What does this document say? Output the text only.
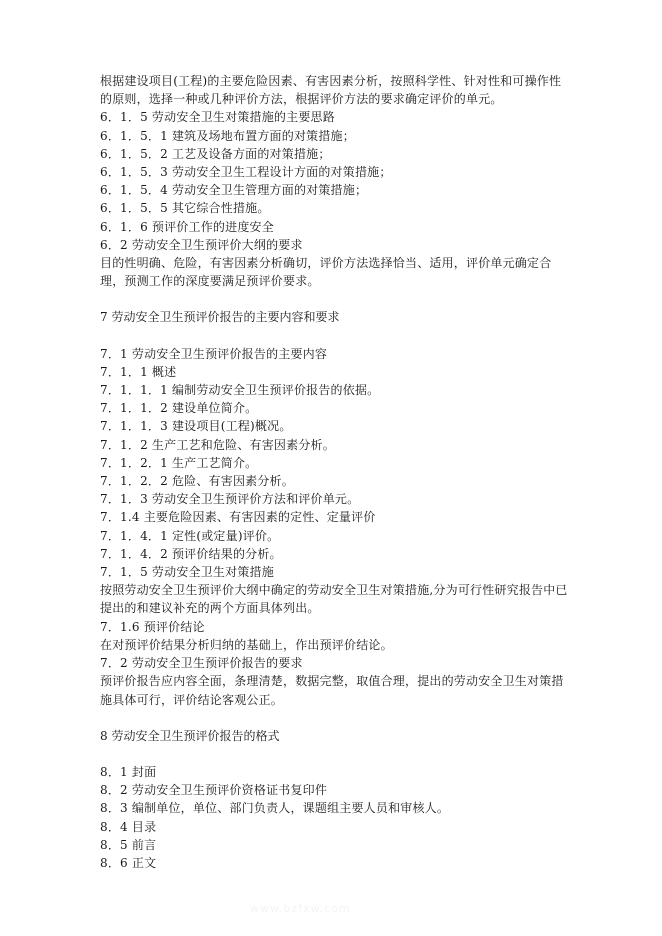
根据建设项目(工程)的主要危险因素、有害因素分析，按照科学性、针对性和可操作性的原则，选择一种或几种评价方法，根据评价方法的要求确定评价的单元。
6．1．5 劳动安全卫生对策措施的主要思路
6．1．5．1 建筑及场地布置方面的对策措施；
6．1．5．2 工艺及设备方面的对策措施；
6．1．5．3 劳动安全卫生工程设计方面的对策措施；
6．1．5．4 劳动安全卫生管理方面的对策措施；
6．1．5．5 其它综合性措施。
6．1．6 预评价工作的进度安全
6．2 劳动安全卫生预评价大纲的要求
目的性明确、危险，有害因素分析确切，评价方法选择恰当、适用，评价单元确定合理，预测工作的深度要满足预评价要求。
7 劳动安全卫生预评价报告的主要内容和要求
7．1 劳动安全卫生预评价报告的主要内容
7．1．1 概述
7．1．1．1 编制劳动安全卫生预评价报告的依据。
7．1．1．2 建设单位简介。
7．1．1．3 建设项目(工程)概况。
7．1．2 生产工艺和危险、有害因素分析。
7．1．2．1 生产工艺简介。
7．1．2．2 危险、有害因素分析。
7．1．3 劳动安全卫生预评价方法和评价单元。
7．1.4 主要危险因素、有害因素的定性、定量评价
7．1．4．1 定性(或定量)评价。
7．1．4．2 预评价结果的分析。
7．1．5 劳动安全卫生对策措施
按照劳动安全卫生预评价大纲中确定的劳动安全卫生对策措施,分为可行性研究报告中已提出的和建议补充的两个方面具体列出。
7．1.6 预评价结论
在对预评价结果分析归纳的基础上，作出预评价结论。
7．2 劳动安全卫生预评价报告的要求
预评价报告应内容全面，条理清楚，数据完整，取值合理，提出的劳动安全卫生对策措施具体可行，评价结论客观公正。
8 劳动安全卫生预评价报告的格式
8．1 封面
8．2 劳动安全卫生预评价资格证书复印件
8．3 编制单位，单位、部门负责人，课题组主要人员和审核人。
8．4 目录
8．5 前言
8．6 正文
www.bzfxw.com
